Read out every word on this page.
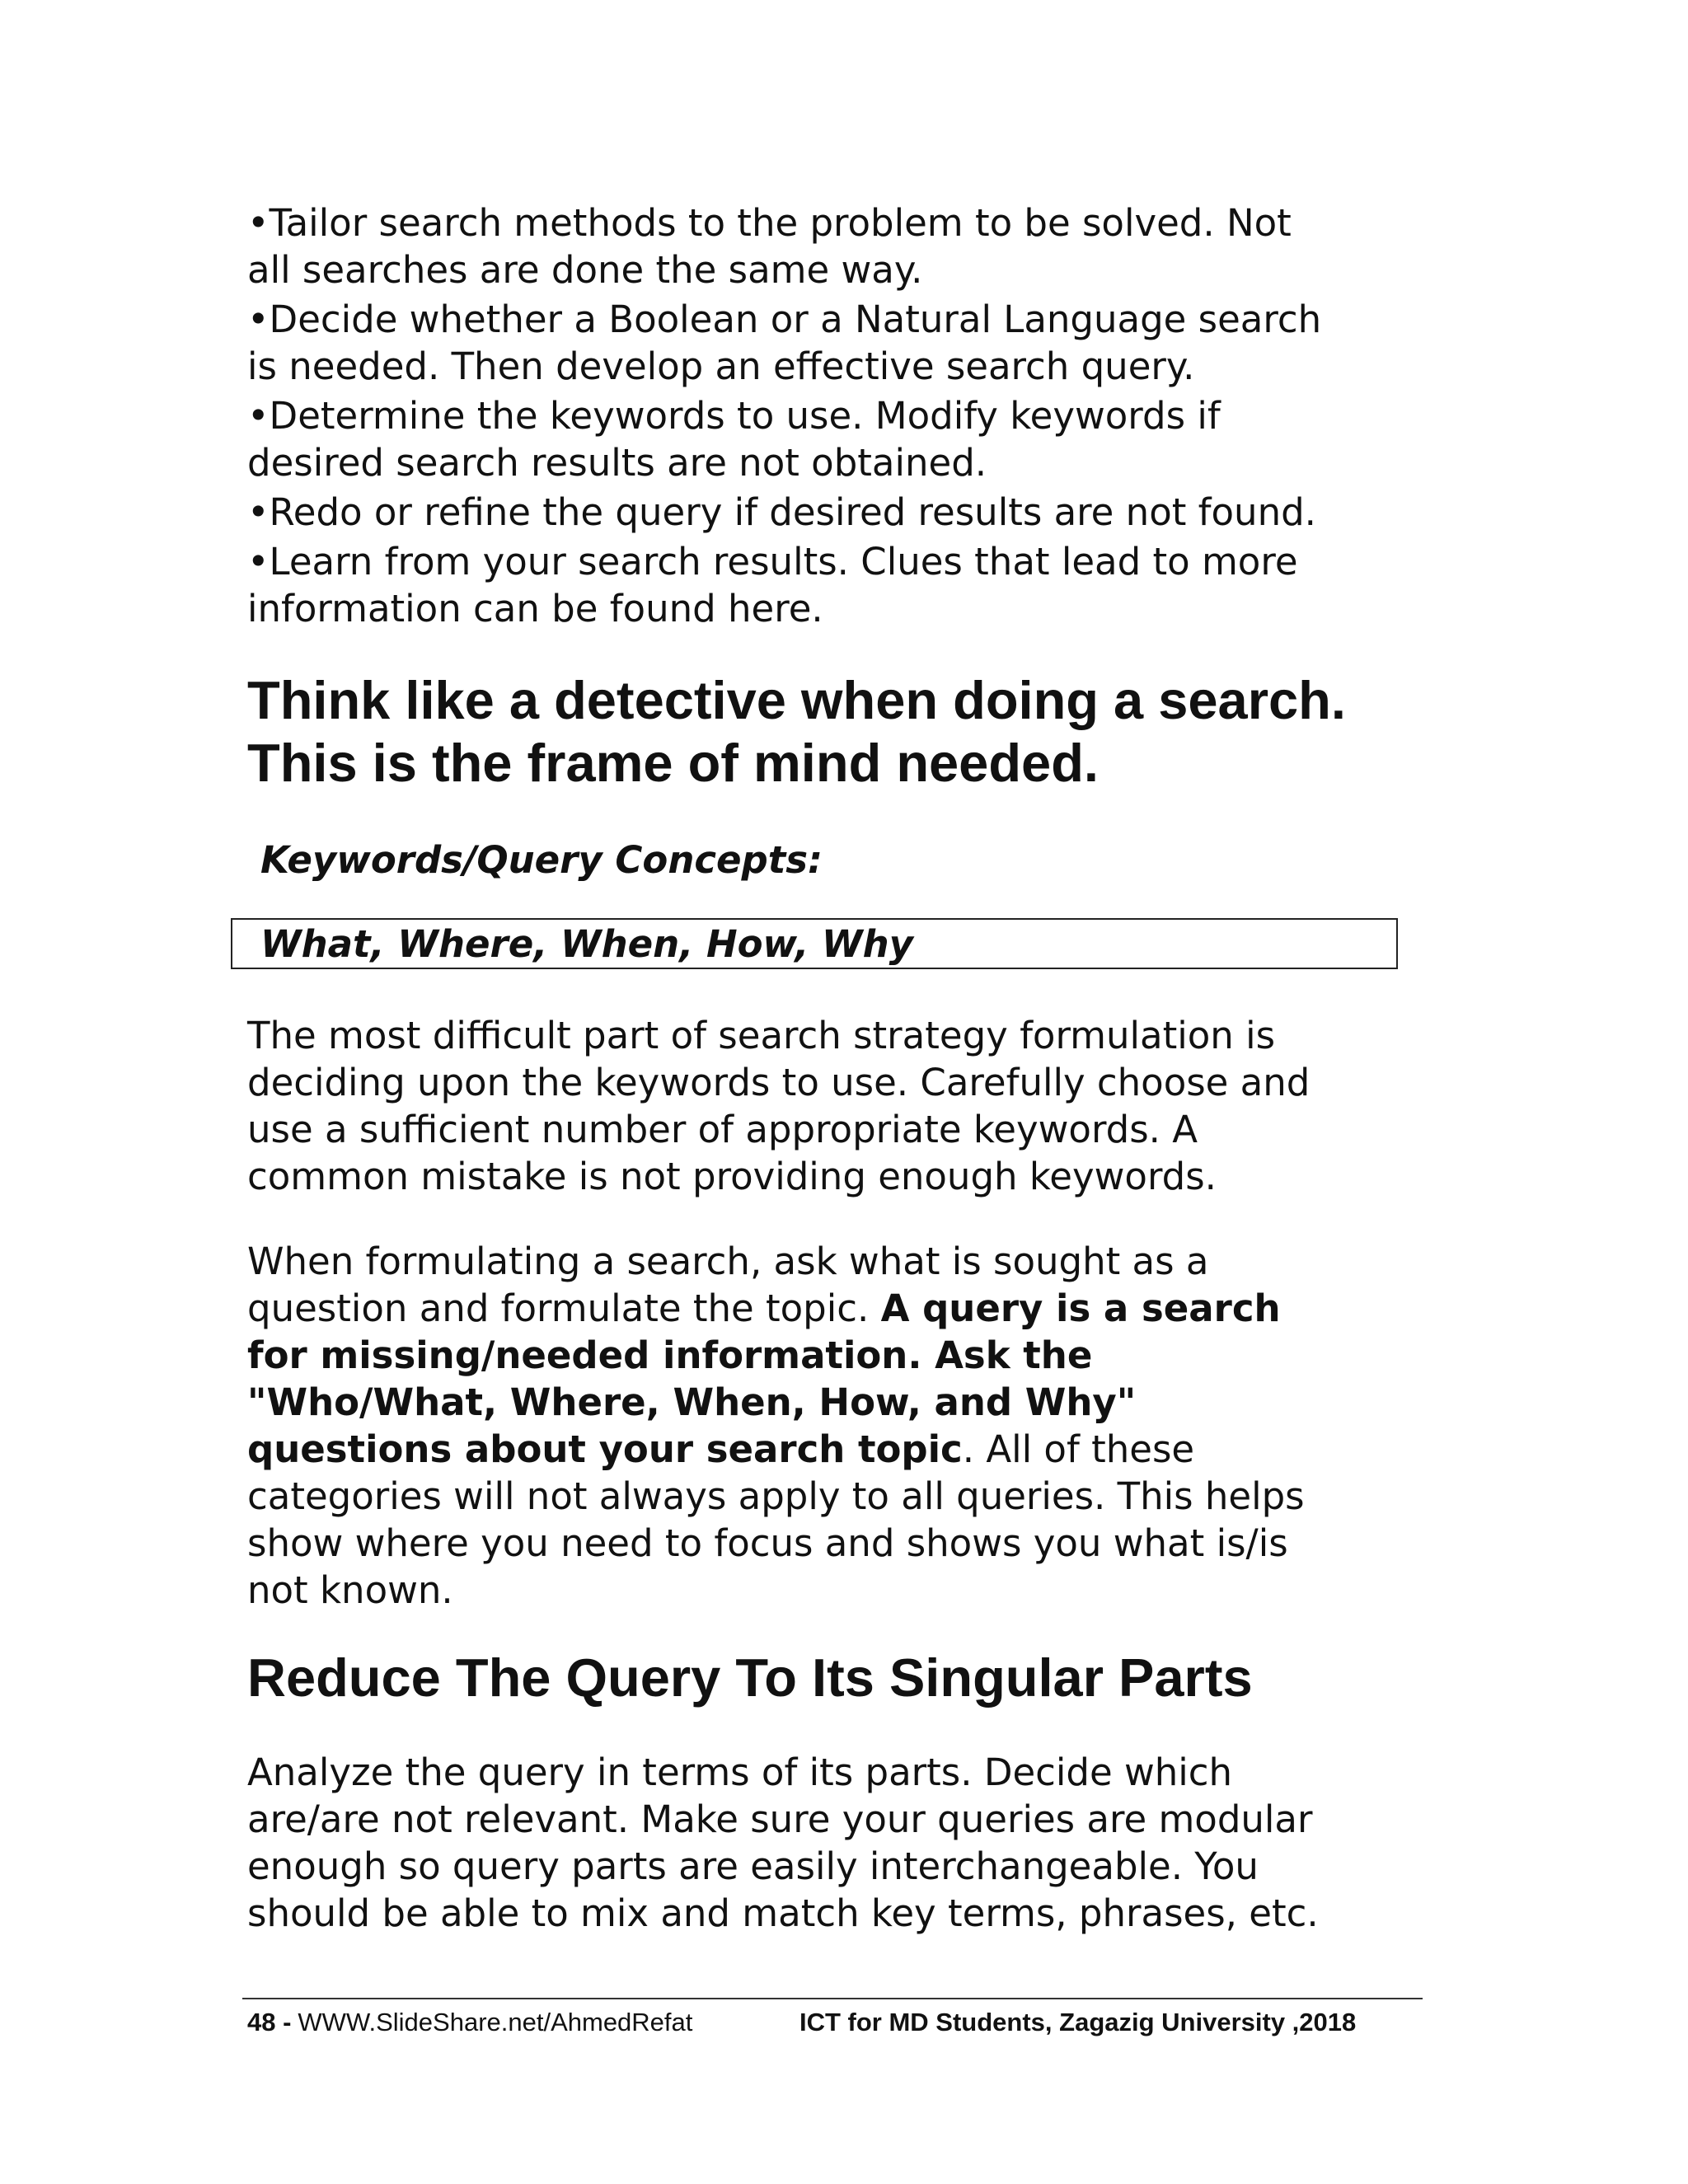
•Tailor search methods to the problem to be solved. Not
all searches are done the same way.
•Decide whether a Boolean or a Natural Language search
is needed. Then develop an effective search query.
•Determine the keywords to use. Modify keywords if
desired search results are not obtained.
•Redo or refine the query if desired results are not found.
•Learn from your search results. Clues that lead to more
information can be found here.
Think like a detective when doing a search.
This is the frame of mind needed.
Keywords/Query Concepts:
What, Where, When, How, Why
The most difficult part of search strategy formulation is
deciding upon the keywords to use. Carefully choose and
use a sufficient number of appropriate keywords. A
common mistake is not providing enough keywords.
When formulating a search, ask what is sought as a
question and formulate the topic. A query is a search
for missing/needed information. Ask the
"Who/What, Where, When, How, and Why"
questions about your search topic. All of these
categories will not always apply to all queries. This helps
show where you need to focus and shows you what is/is
not known.
Reduce The Query To Its Singular Parts
Analyze the query in terms of its parts. Decide which
are/are not relevant. Make sure your queries are modular
enough so query parts are easily interchangeable. You
should be able to mix and match key terms, phrases, etc.
48 - WWW.SlideShare.net/AhmedRefat	ICT for MD Students, Zagazig University ,2018
